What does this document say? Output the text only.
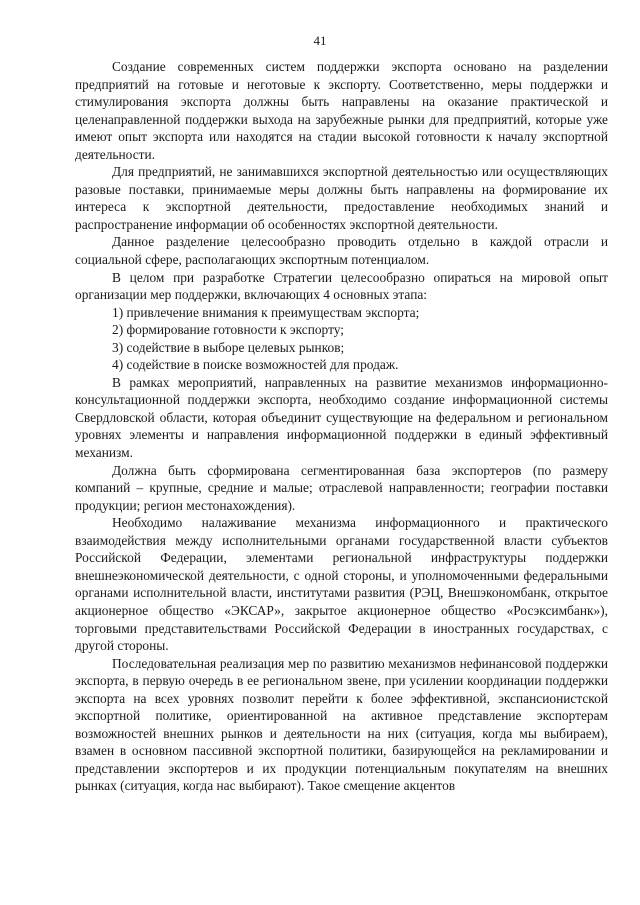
41

Создание современных систем поддержки экспорта основано на разделении предприятий на готовые и неготовые к экспорту. Соответственно, меры поддержки и стимулирования экспорта должны быть направлены на оказание практической и целенаправленной поддержки выхода на зарубежные рынки для предприятий, которые уже имеют опыт экспорта или находятся на стадии высокой готовности к началу экспортной деятельности.

Для предприятий, не занимавшихся экспортной деятельностью или осуществляющих разовые поставки, принимаемые меры должны быть направлены на формирование их интереса к экспортной деятельности, предоставление необходимых знаний и распространение информации об особенностях экспортной деятельности.

Данное разделение целесообразно проводить отдельно в каждой отрасли и социальной сфере, располагающих экспортным потенциалом.

В целом при разработке Стратегии целесообразно опираться на мировой опыт организации мер поддержки, включающих 4 основных этапа:

1) привлечение внимания к преимуществам экспорта;

2) формирование готовности к экспорту;

3) содействие в выборе целевых рынков;

4) содействие в поиске возможностей для продаж.

В рамках мероприятий, направленных на развитие механизмов информационно-консультационной поддержки экспорта, необходимо создание информационной системы Свердловской области, которая объединит существующие на федеральном и региональном уровнях элементы и направления информационной поддержки в единый эффективный механизм.

Должна быть сформирована сегментированная база экспортеров (по размеру компаний – крупные, средние и малые; отраслевой направленности; географии поставки продукции; регион местонахождения).

Необходимо налаживание механизма информационного и практического взаимодействия между исполнительными органами государственной власти субъектов Российской Федерации, элементами региональной инфраструктуры поддержки внешнеэкономической деятельности, с одной стороны, и уполномоченными федеральными органами исполнительной власти, институтами развития (РЭЦ, Внешэкономбанк, открытое акционерное общество «ЭКСАР», закрытое акционерное общество «Росэксимбанк»), торговыми представительствами Российской Федерации в иностранных государствах, с другой стороны.

Последовательная реализация мер по развитию механизмов нефинансовой поддержки экспорта, в первую очередь в ее региональном звене, при усилении координации поддержки экспорта на всех уровнях позволит перейти к более эффективной, экспансионистской экспортной политике, ориентированной на активное представление экспортерам возможностей внешних рынков и деятельности на них (ситуация, когда мы выбираем), взамен в основном пассивной экспортной политики, базирующейся на рекламировании и представлении экспортеров и их продукции потенциальным покупателям на внешних рынках (ситуация, когда нас выбирают). Такое смещение акцентов
